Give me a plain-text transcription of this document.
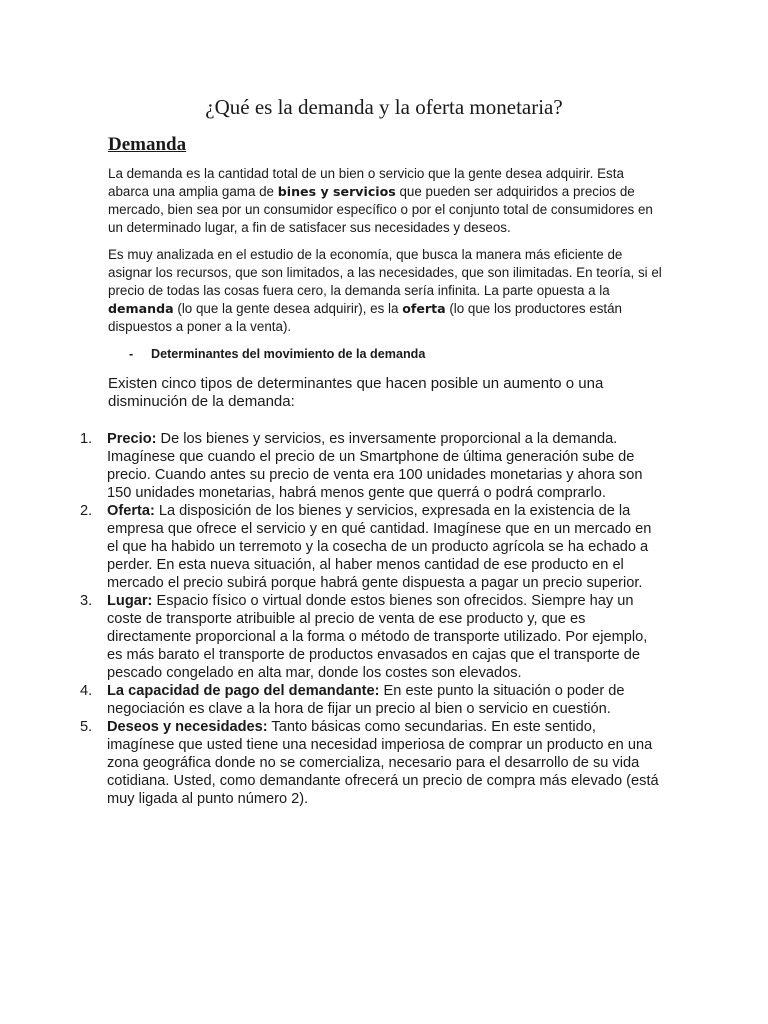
¿Qué es la demanda y la oferta monetaria?
Demanda

La demanda es la cantidad total de un bien o servicio que la gente desea adquirir. Esta abarca una amplia gama de bines y servicios que pueden ser adquiridos a precios de mercado, bien sea por un consumidor específico o por el conjunto total de consumidores en un determinado lugar, a fin de satisfacer sus necesidades y deseos.

Es muy analizada en el estudio de la economía, que busca la manera más eficiente de asignar los recursos, que son limitados, a las necesidades, que son ilimitadas. En teoría, si el precio de todas las cosas fuera cero, la demanda sería infinita. La parte opuesta a la demanda (lo que la gente desea adquirir), es la oferta (lo que los productores están dispuestos a poner a la venta).

- Determinantes del movimiento de la demanda

Existen cinco tipos de determinantes que hacen posible un aumento o una disminución de la demanda:

1. Precio: De los bienes y servicios, es inversamente proporcional a la demanda. Imagínese que cuando el precio de un Smartphone de última generación sube de precio. Cuando antes su precio de venta era 100 unidades monetarias y ahora son 150 unidades monetarias, habrá menos gente que querrá o podrá comprarlo.
2. Oferta: La disposición de los bienes y servicios, expresada en la existencia de la empresa que ofrece el servicio y en qué cantidad. Imagínese que en un mercado en el que ha habido un terremoto y la cosecha de un producto agrícola se ha echado a perder. En esta nueva situación, al haber menos cantidad de ese producto en el mercado el precio subirá porque habrá gente dispuesta a pagar un precio superior.
3. Lugar: Espacio físico o virtual donde estos bienes son ofrecidos. Siempre hay un coste de transporte atribuible al precio de venta de ese producto y, que es directamente proporcional a la forma o método de transporte utilizado. Por ejemplo, es más barato el transporte de productos envasados en cajas que el transporte de pescado congelado en alta mar, donde los costes son elevados.
4. La capacidad de pago del demandante: En este punto la situación o poder de negociación es clave a la hora de fijar un precio al bien o servicio en cuestión.
5. Deseos y necesidades: Tanto básicas como secundarias. En este sentido, imagínese que usted tiene una necesidad imperiosa de comprar un producto en una zona geográfica donde no se comercializa, necesario para el desarrollo de su vida cotidiana. Usted, como demandante ofrecerá un precio de compra más elevado (está muy ligada al punto número 2).
